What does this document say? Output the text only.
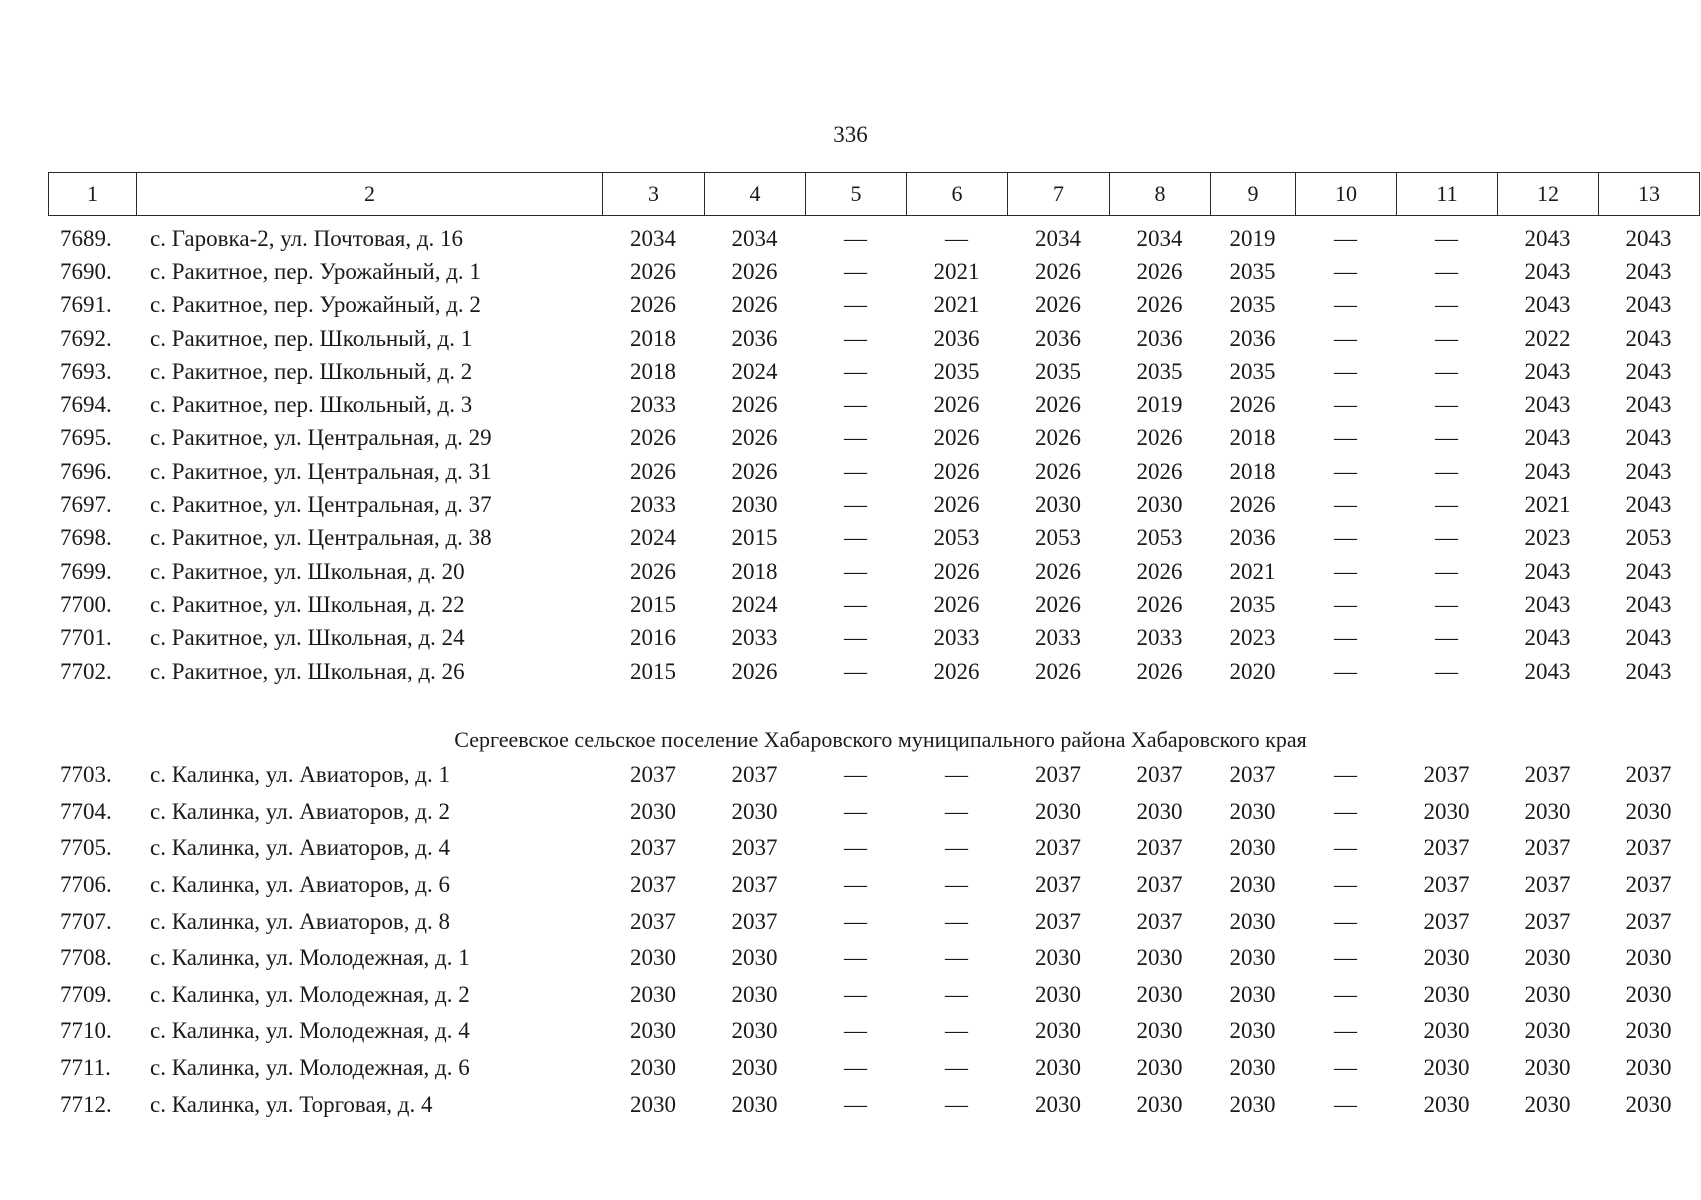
336
1	2	3	4	5	6	7	8	9	10	11	12	13
7689.	с. Гаровка-2, ул. Почтовая, д. 16	2034	2034	—	—	2034	2034	2019	—	—	2043	2043
7690.	с. Ракитное, пер. Урожайный, д. 1	2026	2026	—	2021	2026	2026	2035	—	—	2043	2043
7691.	с. Ракитное, пер. Урожайный, д. 2	2026	2026	—	2021	2026	2026	2035	—	—	2043	2043
7692.	с. Ракитное, пер. Школьный, д. 1	2018	2036	—	2036	2036	2036	2036	—	—	2022	2043
7693.	с. Ракитное, пер. Школьный, д. 2	2018	2024	—	2035	2035	2035	2035	—	—	2043	2043
7694.	с. Ракитное, пер. Школьный, д. 3	2033	2026	—	2026	2026	2019	2026	—	—	2043	2043
7695.	с. Ракитное, ул. Центральная, д. 29	2026	2026	—	2026	2026	2026	2018	—	—	2043	2043
7696.	с. Ракитное, ул. Центральная, д. 31	2026	2026	—	2026	2026	2026	2018	—	—	2043	2043
7697.	с. Ракитное, ул. Центральная, д. 37	2033	2030	—	2026	2030	2030	2026	—	—	2021	2043
7698.	с. Ракитное, ул. Центральная, д. 38	2024	2015	—	2053	2053	2053	2036	—	—	2023	2053
7699.	с. Ракитное, ул. Школьная, д. 20	2026	2018	—	2026	2026	2026	2021	—	—	2043	2043
7700.	с. Ракитное, ул. Школьная, д. 22	2015	2024	—	2026	2026	2026	2035	—	—	2043	2043
7701.	с. Ракитное, ул. Школьная, д. 24	2016	2033	—	2033	2033	2033	2023	—	—	2043	2043
7702.	с. Ракитное, ул. Школьная, д. 26	2015	2026	—	2026	2026	2026	2020	—	—	2043	2043
Сергеевское сельское поселение Хабаровского муниципального района Хабаровского края
7703.	с. Калинка, ул. Авиаторов, д. 1	2037	2037	—	—	2037	2037	2037	—	2037	2037	2037
7704.	с. Калинка, ул. Авиаторов, д. 2	2030	2030	—	—	2030	2030	2030	—	2030	2030	2030
7705.	с. Калинка, ул. Авиаторов, д. 4	2037	2037	—	—	2037	2037	2030	—	2037	2037	2037
7706.	с. Калинка, ул. Авиаторов, д. 6	2037	2037	—	—	2037	2037	2030	—	2037	2037	2037
7707.	с. Калинка, ул. Авиаторов, д. 8	2037	2037	—	—	2037	2037	2030	—	2037	2037	2037
7708.	с. Калинка, ул. Молодежная, д. 1	2030	2030	—	—	2030	2030	2030	—	2030	2030	2030
7709.	с. Калинка, ул. Молодежная, д. 2	2030	2030	—	—	2030	2030	2030	—	2030	2030	2030
7710.	с. Калинка, ул. Молодежная, д. 4	2030	2030	—	—	2030	2030	2030	—	2030	2030	2030
7711.	с. Калинка, ул. Молодежная, д. 6	2030	2030	—	—	2030	2030	2030	—	2030	2030	2030
7712.	с. Калинка, ул. Торговая, д. 4	2030	2030	—	—	2030	2030	2030	—	2030	2030	2030
